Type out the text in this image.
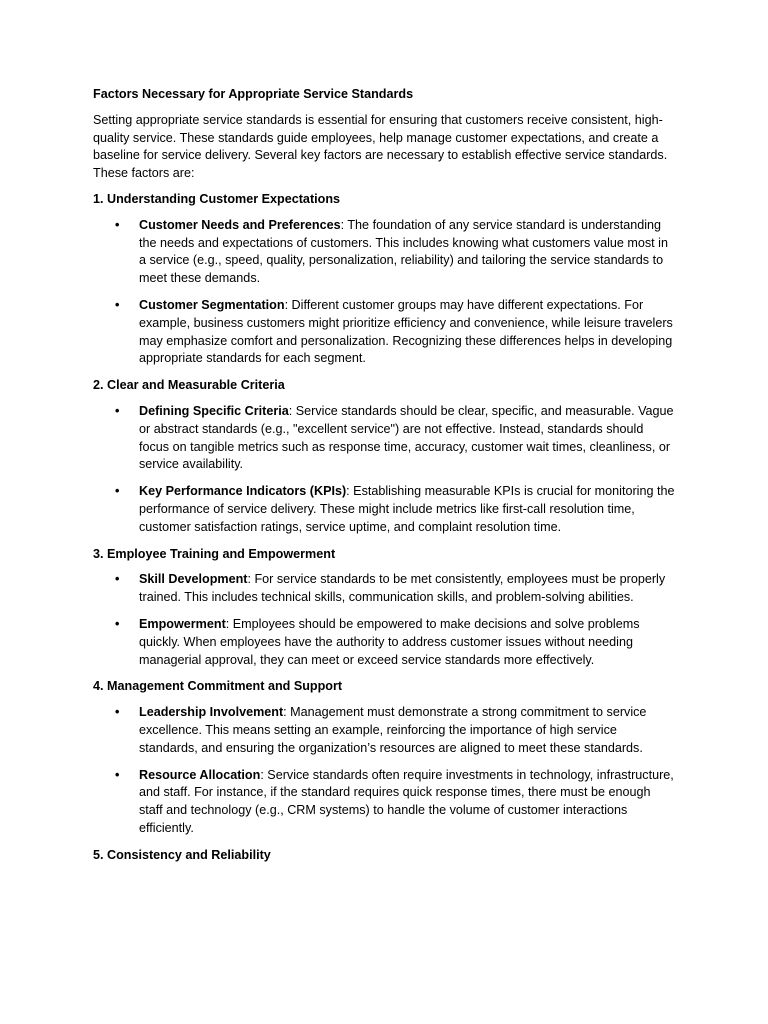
Factors Necessary for Appropriate Service Standards

Setting appropriate service standards is essential for ensuring that customers receive consistent, high-quality service. These standards guide employees, help manage customer expectations, and create a baseline for service delivery. Several key factors are necessary to establish effective service standards. These factors are:

1. Understanding Customer Expectations
• Customer Needs and Preferences: The foundation of any service standard is understanding the needs and expectations of customers. This includes knowing what customers value most in a service (e.g., speed, quality, personalization, reliability) and tailoring the service standards to meet these demands.
• Customer Segmentation: Different customer groups may have different expectations. For example, business customers might prioritize efficiency and convenience, while leisure travelers may emphasize comfort and personalization. Recognizing these differences helps in developing appropriate standards for each segment.
2. Clear and Measurable Criteria
• Defining Specific Criteria: Service standards should be clear, specific, and measurable. Vague or abstract standards (e.g., "excellent service") are not effective. Instead, standards should focus on tangible metrics such as response time, accuracy, customer wait times, cleanliness, or service availability.
• Key Performance Indicators (KPIs): Establishing measurable KPIs is crucial for monitoring the performance of service delivery. These might include metrics like first-call resolution time, customer satisfaction ratings, service uptime, and complaint resolution time.
3. Employee Training and Empowerment
• Skill Development: For service standards to be met consistently, employees must be properly trained. This includes technical skills, communication skills, and problem-solving abilities.
• Empowerment: Employees should be empowered to make decisions and solve problems quickly. When employees have the authority to address customer issues without needing managerial approval, they can meet or exceed service standards more effectively.
4. Management Commitment and Support
• Leadership Involvement: Management must demonstrate a strong commitment to service excellence. This means setting an example, reinforcing the importance of high service standards, and ensuring the organization’s resources are aligned to meet these standards.
• Resource Allocation: Service standards often require investments in technology, infrastructure, and staff. For instance, if the standard requires quick response times, there must be enough staff and technology (e.g., CRM systems) to handle the volume of customer interactions efficiently.
5. Consistency and Reliability
